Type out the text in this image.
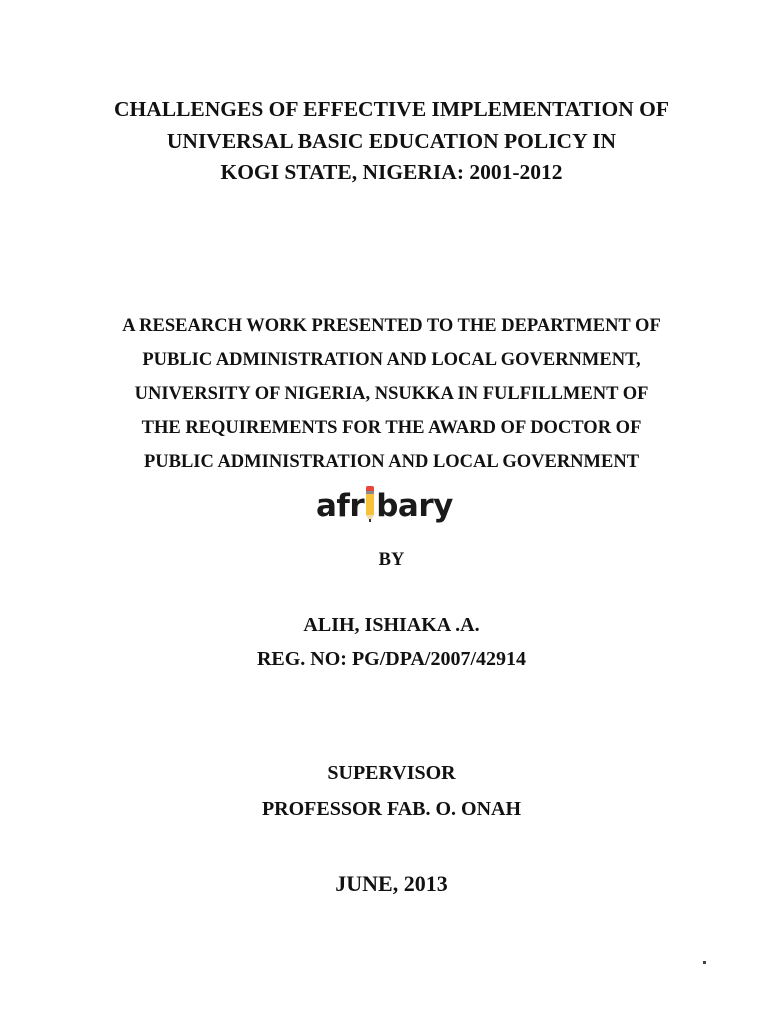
CHALLENGES OF EFFECTIVE IMPLEMENTATION OF
UNIVERSAL BASIC EDUCATION POLICY IN
KOGI STATE, NIGERIA: 2001-2012
A RESEARCH WORK PRESENTED TO THE DEPARTMENT OF
PUBLIC ADMINISTRATION AND LOCAL GOVERNMENT,
UNIVERSITY OF NIGERIA, NSUKKA IN FULFILLMENT OF
THE REQUIREMENTS FOR THE AWARD OF DOCTOR OF
PUBLIC ADMINISTRATION AND LOCAL GOVERNMENT
afr bary
BY
ALIH, ISHIAKA .A.
REG. NO: PG/DPA/2007/42914
SUPERVISOR
PROFESSOR FAB. O. ONAH
JUNE, 2013
